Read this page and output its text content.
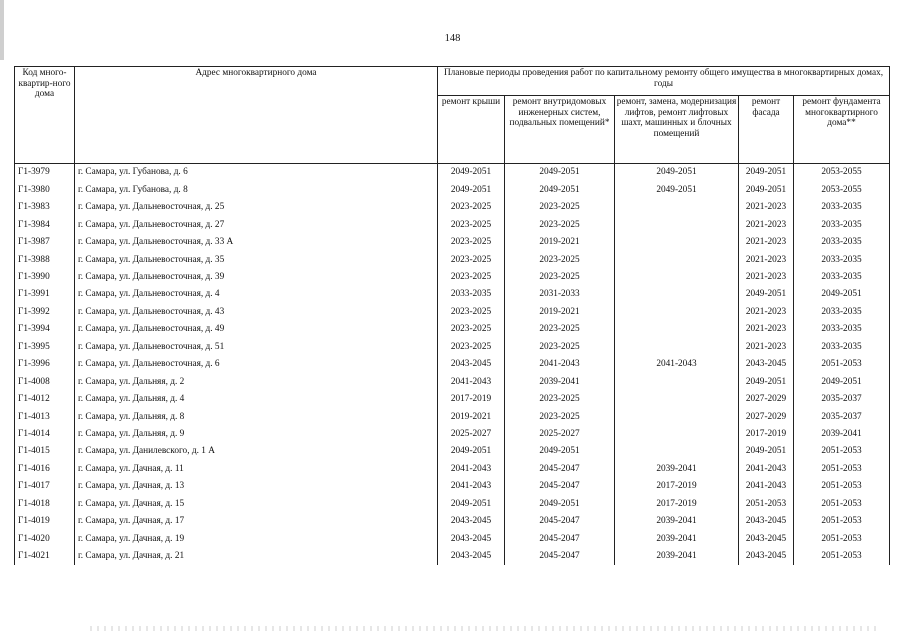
148
Код много-квартир-ного дома	Адрес многоквартирного дома	Плановые периоды проведения работ по капитальному ремонту общего имущества в многоквартирных домах, годы				
		ремонт крыши	ремонт внутридомовых инженерных систем, подвальных помещений*	ремонт, замена, модернизация лифтов, ремонт лифтовых шахт, машинных и блочных помещений	ремонт фасада	ремонт фундамента многоквартирного дома**
Г1-3979	г. Самара, ул. Губанова, д. 6	2049-2051	2049-2051	2049-2051	2049-2051	2053-2055
Г1-3980	г. Самара, ул. Губанова, д. 8	2049-2051	2049-2051	2049-2051	2049-2051	2053-2055
Г1-3983	г. Самара, ул. Дальневосточная, д. 25	2023-2025	2023-2025		2021-2023	2033-2035
Г1-3984	г. Самара, ул. Дальневосточная, д. 27	2023-2025	2023-2025		2021-2023	2033-2035
Г1-3987	г. Самара, ул. Дальневосточная, д. 33 А	2023-2025	2019-2021		2021-2023	2033-2035
Г1-3988	г. Самара, ул. Дальневосточная, д. 35	2023-2025	2023-2025		2021-2023	2033-2035
Г1-3990	г. Самара, ул. Дальневосточная, д. 39	2023-2025	2023-2025		2021-2023	2033-2035
Г1-3991	г. Самара, ул. Дальневосточная, д. 4	2033-2035	2031-2033		2049-2051	2049-2051
Г1-3992	г. Самара, ул. Дальневосточная, д. 43	2023-2025	2019-2021		2021-2023	2033-2035
Г1-3994	г. Самара, ул. Дальневосточная, д. 49	2023-2025	2023-2025		2021-2023	2033-2035
Г1-3995	г. Самара, ул. Дальневосточная, д. 51	2023-2025	2023-2025		2021-2023	2033-2035
Г1-3996	г. Самара, ул. Дальневосточная, д. 6	2043-2045	2041-2043	2041-2043	2043-2045	2051-2053
Г1-4008	г. Самара, ул. Дальняя, д. 2	2041-2043	2039-2041		2049-2051	2049-2051
Г1-4012	г. Самара, ул. Дальняя, д. 4	2017-2019	2023-2025		2027-2029	2035-2037
Г1-4013	г. Самара, ул. Дальняя, д. 8	2019-2021	2023-2025		2027-2029	2035-2037
Г1-4014	г. Самара, ул. Дальняя, д. 9	2025-2027	2025-2027		2017-2019	2039-2041
Г1-4015	г. Самара, ул. Данилевского, д. 1 А	2049-2051	2049-2051		2049-2051	2051-2053
Г1-4016	г. Самара, ул. Дачная, д. 11	2041-2043	2045-2047	2039-2041	2041-2043	2051-2053
Г1-4017	г. Самара, ул. Дачная, д. 13	2041-2043	2045-2047	2017-2019	2041-2043	2051-2053
Г1-4018	г. Самара, ул. Дачная, д. 15	2049-2051	2049-2051	2017-2019	2051-2053	2051-2053
Г1-4019	г. Самара, ул. Дачная, д. 17	2043-2045	2045-2047	2039-2041	2043-2045	2051-2053
Г1-4020	г. Самара, ул. Дачная, д. 19	2043-2045	2045-2047	2039-2041	2043-2045	2051-2053
Г1-4021	г. Самара, ул. Дачная, д. 21	2043-2045	2045-2047	2039-2041	2043-2045	2051-2053
